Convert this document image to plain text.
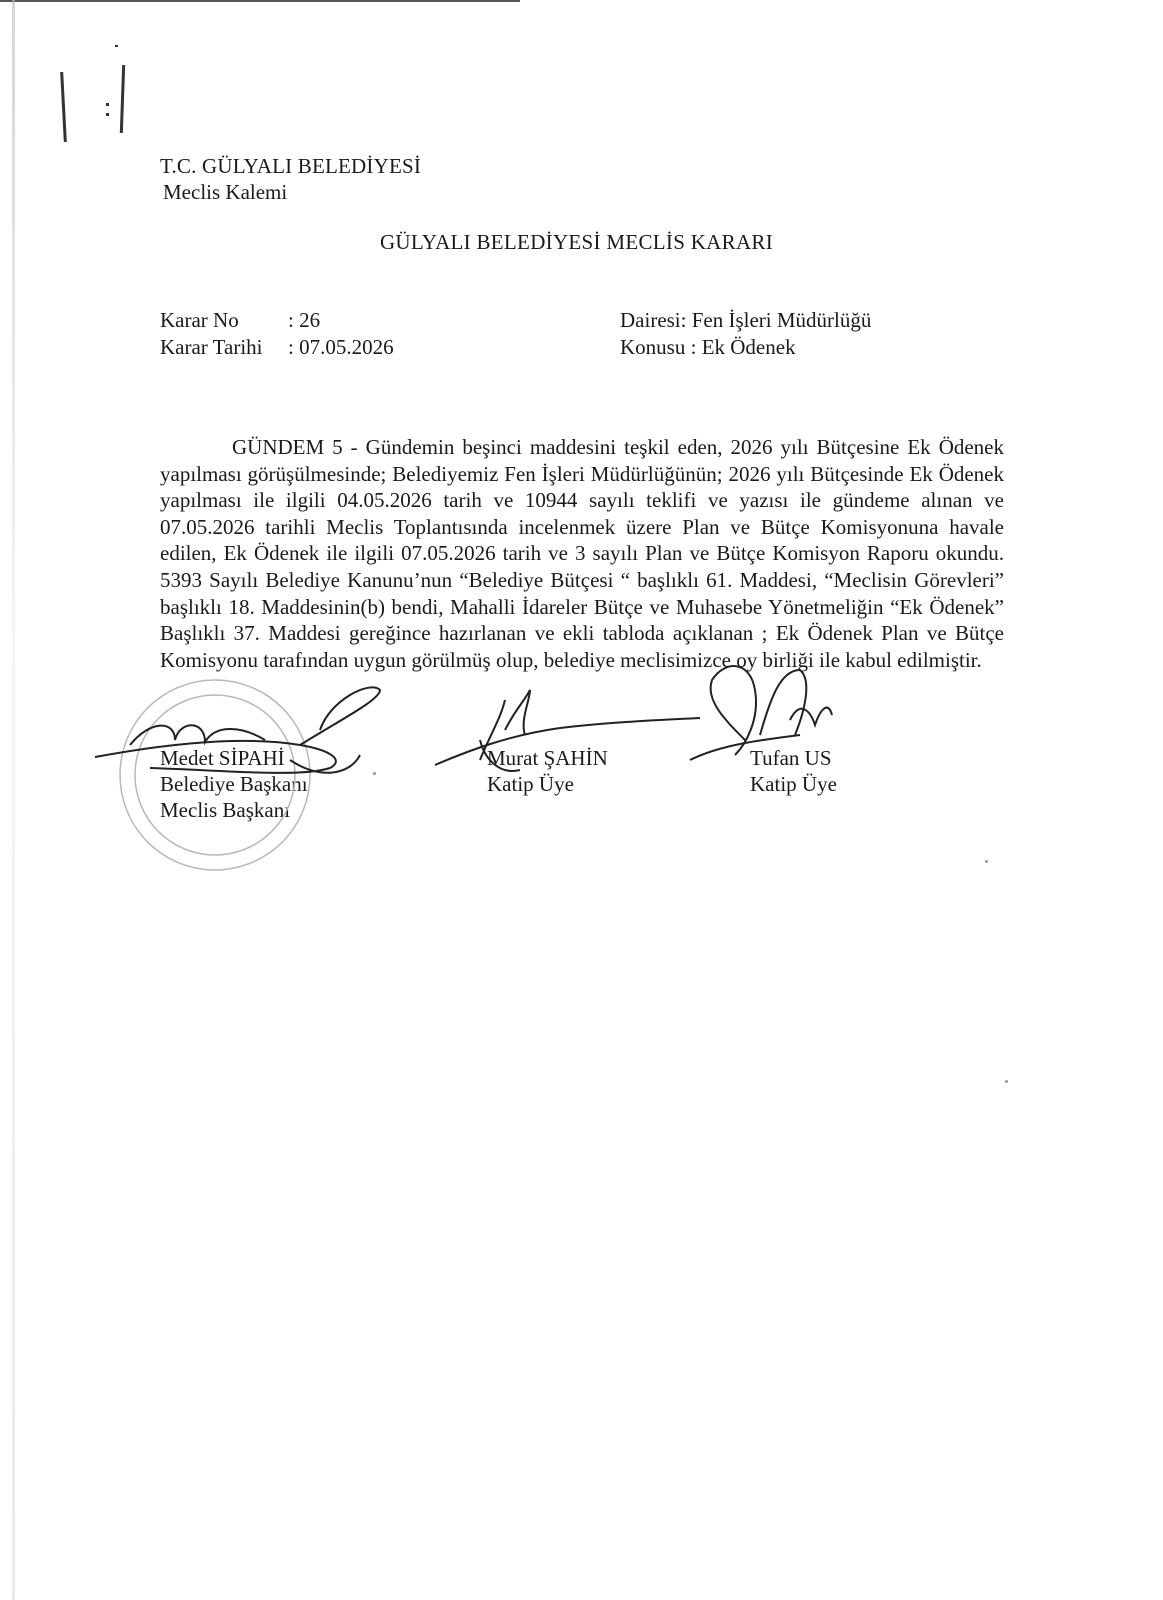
T.C. GÜLYALI BELEDİYESİ
Meclis Kalemi
GÜLYALI BELEDİYESİ MECLİS KARARI
Karar No : 26
Karar Tarihi : 07.05.2026
Dairesi: Fen İşleri Müdürlüğü
Konusu : Ek Ödenek
GÜNDEM 5 - Gündemin beşinci maddesini teşkil eden, 2026 yılı Bütçesine Ek Ödenek yapılması görüşülmesinde; Belediyemiz Fen İşleri Müdürlüğünün; 2026 yılı Bütçesinde Ek Ödenek yapılması ile ilgili 04.05.2026 tarih ve 10944 sayılı teklifi ve yazısı ile gündeme alınan ve 07.05.2026 tarihli Meclis Toplantısında incelenmek üzere Plan ve Bütçe Komisyonuna havale edilen, Ek Ödenek ile ilgili 07.05.2026 tarih ve 3 sayılı Plan ve Bütçe Komisyon Raporu okundu. 5393 Sayılı Belediye Kanunu’nun “Belediye Bütçesi “ başlıklı 61. Maddesi, “Meclisin Görevleri” başlıklı 18. Maddesinin(b) bendi, Mahalli İdareler Bütçe ve Muhasebe Yönetmeliğin “Ek Ödenek” Başlıklı 37. Maddesi gereğince hazırlanan ve ekli tabloda açıklanan ; Ek Ödenek Plan ve Bütçe Komisyonu tarafından uygun görülmüş olup, belediye meclisimizce oy birliği ile kabul edilmiştir.
Medet SİPAHİ
Belediye Başkanı
Meclis Başkanı
Murat ŞAHİN
Katip Üye
Tufan US
Katip Üye
